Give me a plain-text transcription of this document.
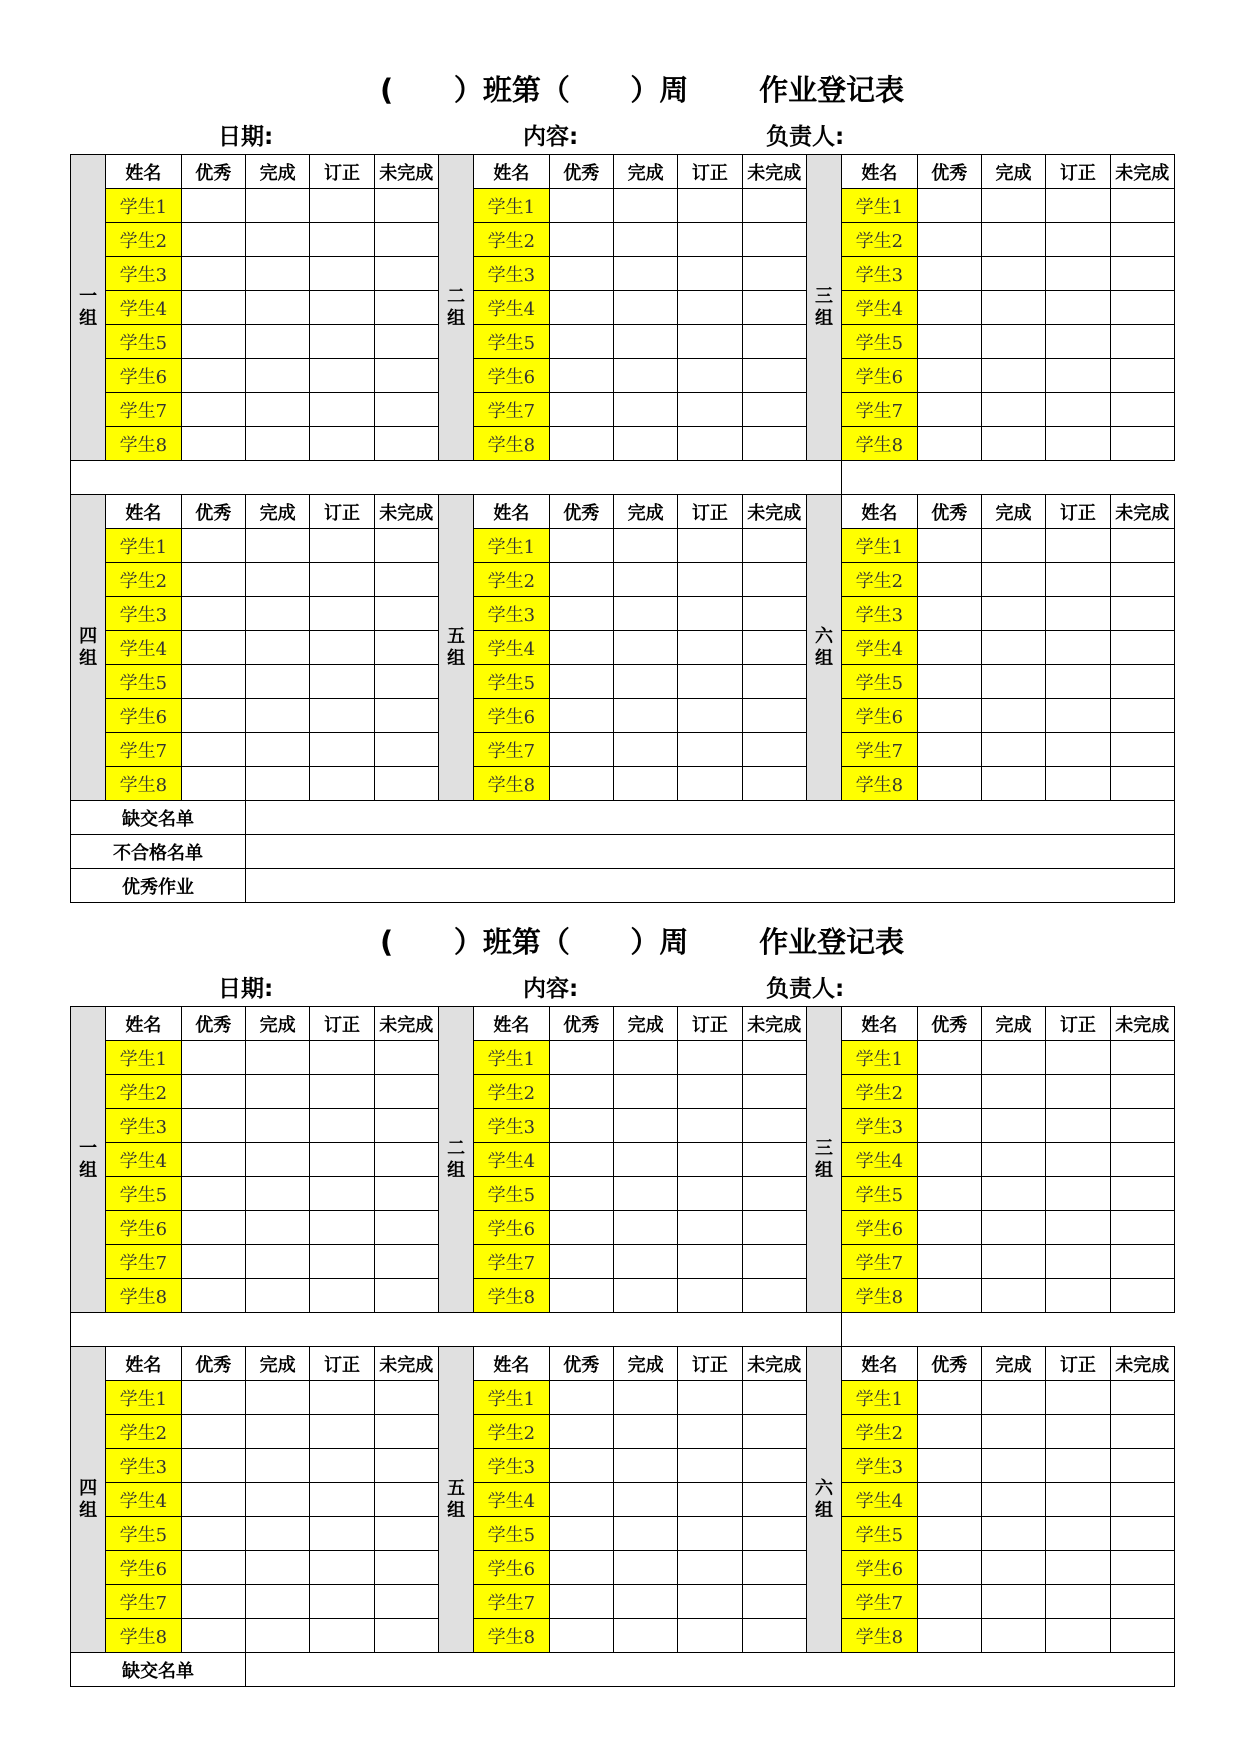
(      ）班第（      ）周       作业登记表
日期:	内容:	负责人:
一组	姓名	优秀	完成	订正	未完成	二组	姓名	优秀	完成	订正	未完成	三组	姓名	优秀	完成	订正	未完成
	学生1						学生1						学生1				
	学生2						学生2						学生2				
	学生3						学生3						学生3				
	学生4						学生4						学生4				
	学生5						学生5						学生5				
	学生6						学生6						学生6				
	学生7						学生7						学生7				
	学生8						学生8						学生8				

四组	姓名	优秀	完成	订正	未完成	五组	姓名	优秀	完成	订正	未完成	六组	姓名	优秀	完成	订正	未完成
	学生1						学生1						学生1				
	学生2						学生2						学生2				
	学生3						学生3						学生3				
	学生4						学生4						学生4				
	学生5						学生5						学生5				
	学生6						学生6						学生6				
	学生7						学生7						学生7				
	学生8						学生8						学生8				
缺交名单																	
不合格名单																	
优秀作业																	
(      ）班第（      ）周       作业登记表
日期:	内容:	负责人:
一组	姓名	优秀	完成	订正	未完成	二组	姓名	优秀	完成	订正	未完成	三组	姓名	优秀	完成	订正	未完成
	学生1						学生1						学生1				
	学生2						学生2						学生2				
	学生3						学生3						学生3				
	学生4						学生4						学生4				
	学生5						学生5						学生5				
	学生6						学生6						学生6				
	学生7						学生7						学生7				
	学生8						学生8						学生8				

四组	姓名	优秀	完成	订正	未完成	五组	姓名	优秀	完成	订正	未完成	六组	姓名	优秀	完成	订正	未完成
	学生1						学生1						学生1				
	学生2						学生2						学生2				
	学生3						学生3						学生3				
	学生4						学生4						学生4				
	学生5						学生5						学生5				
	学生6						学生6						学生6				
	学生7						学生7						学生7				
	学生8						学生8						学生8				
缺交名单																	
